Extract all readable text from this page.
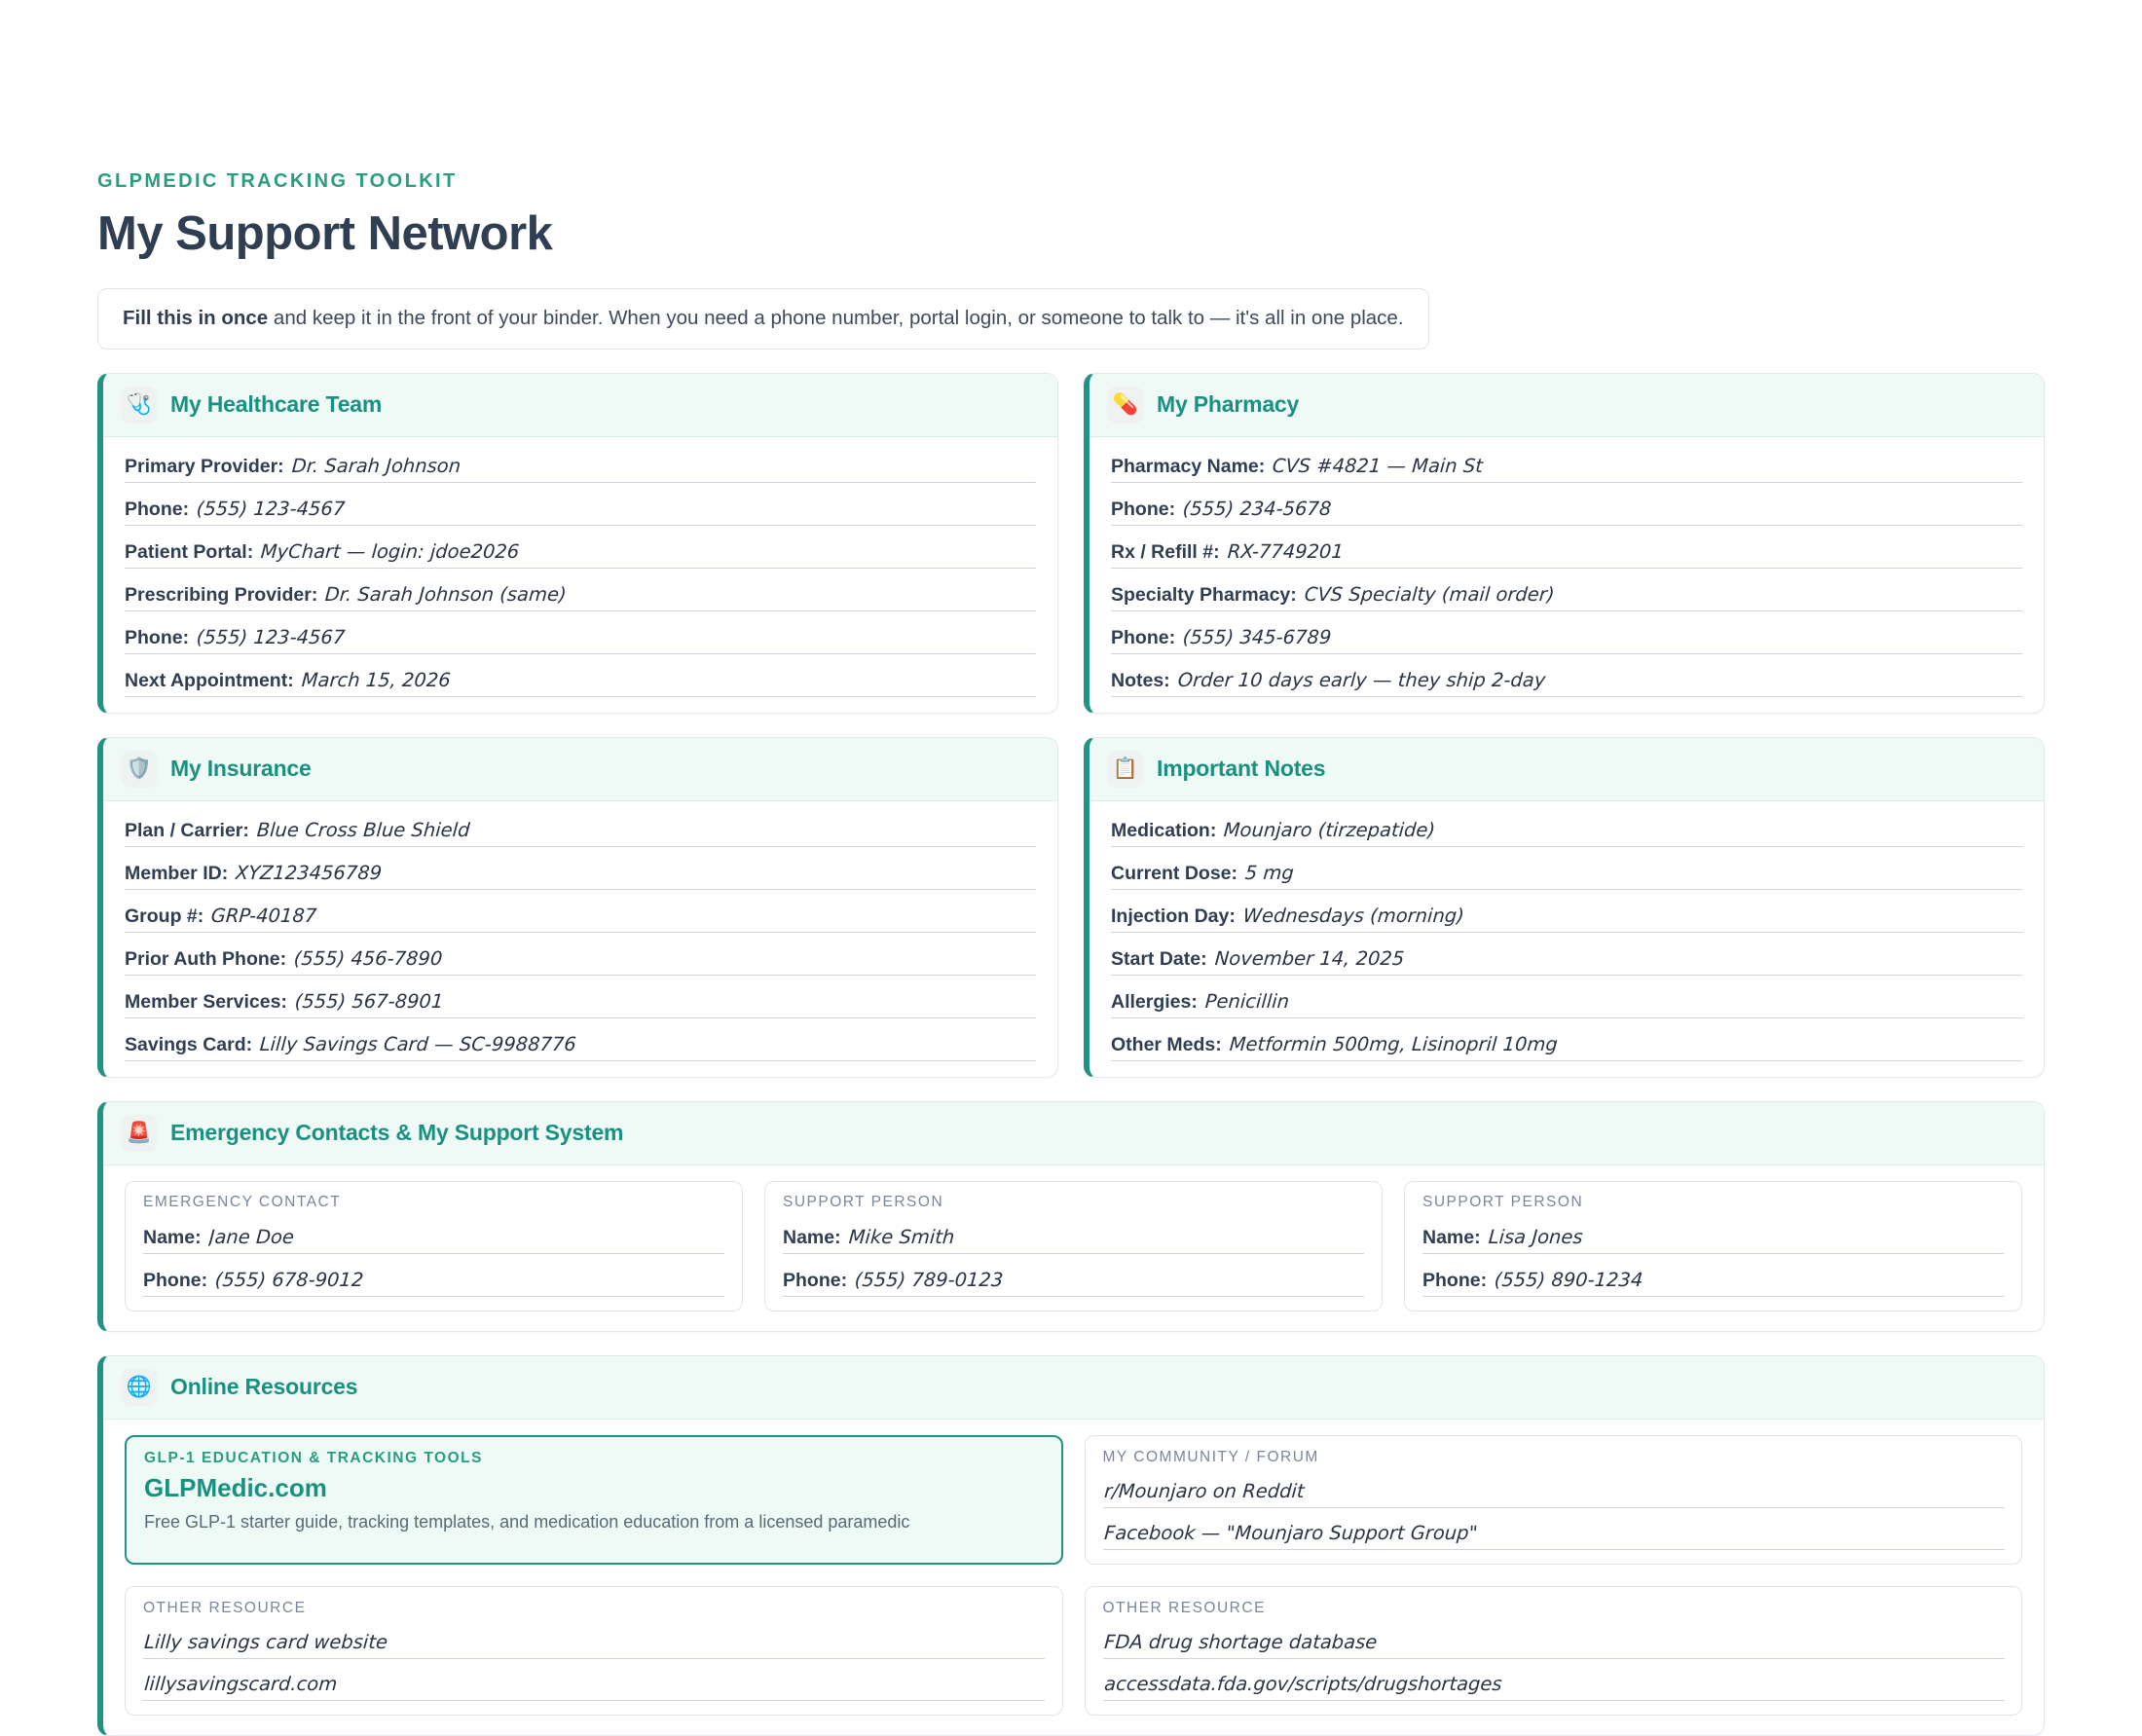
GLPMEDIC TRACKING TOOLKIT
My Support Network
Fill this in once and keep it in the front of your binder. When you need a phone number, portal login, or someone to talk to — it's all in one place.
🩺 My Healthcare Team
Primary Provider: Dr. Sarah Johnson
Phone: (555) 123-4567
Patient Portal: MyChart — login: jdoe2026
Prescribing Provider: Dr. Sarah Johnson (same)
Phone: (555) 123-4567
Next Appointment: March 15, 2026
💊 My Pharmacy
Pharmacy Name: CVS #4821 — Main St
Phone: (555) 234-5678
Rx / Refill #: RX-7749201
Specialty Pharmacy: CVS Specialty (mail order)
Phone: (555) 345-6789
Notes: Order 10 days early — they ship 2-day
🛡️ My Insurance
Plan / Carrier: Blue Cross Blue Shield
Member ID: XYZ123456789
Group #: GRP-40187
Prior Auth Phone: (555) 456-7890
Member Services: (555) 567-8901
Savings Card: Lilly Savings Card — SC-9988776
📋 Important Notes
Medication: Mounjaro (tirzepatide)
Current Dose: 5 mg
Injection Day: Wednesdays (morning)
Start Date: November 14, 2025
Allergies: Penicillin
Other Meds: Metformin 500mg, Lisinopril 10mg
🚨 Emergency Contacts & My Support System
EMERGENCY CONTACT
Name: Jane Doe
Phone: (555) 678-9012
SUPPORT PERSON
Name: Mike Smith
Phone: (555) 789-0123
SUPPORT PERSON
Name: Lisa Jones
Phone: (555) 890-1234
🌐 Online Resources
GLP-1 EDUCATION & TRACKING TOOLS
GLPMedic.com
Free GLP-1 starter guide, tracking templates, and medication education from a licensed paramedic
MY COMMUNITY / FORUM
r/Mounjaro on Reddit
Facebook — "Mounjaro Support Group"
OTHER RESOURCE
Lilly savings card website
lillysavingscard.com
OTHER RESOURCE
FDA drug shortage database
accessdata.fda.gov/scripts/drugshortages
